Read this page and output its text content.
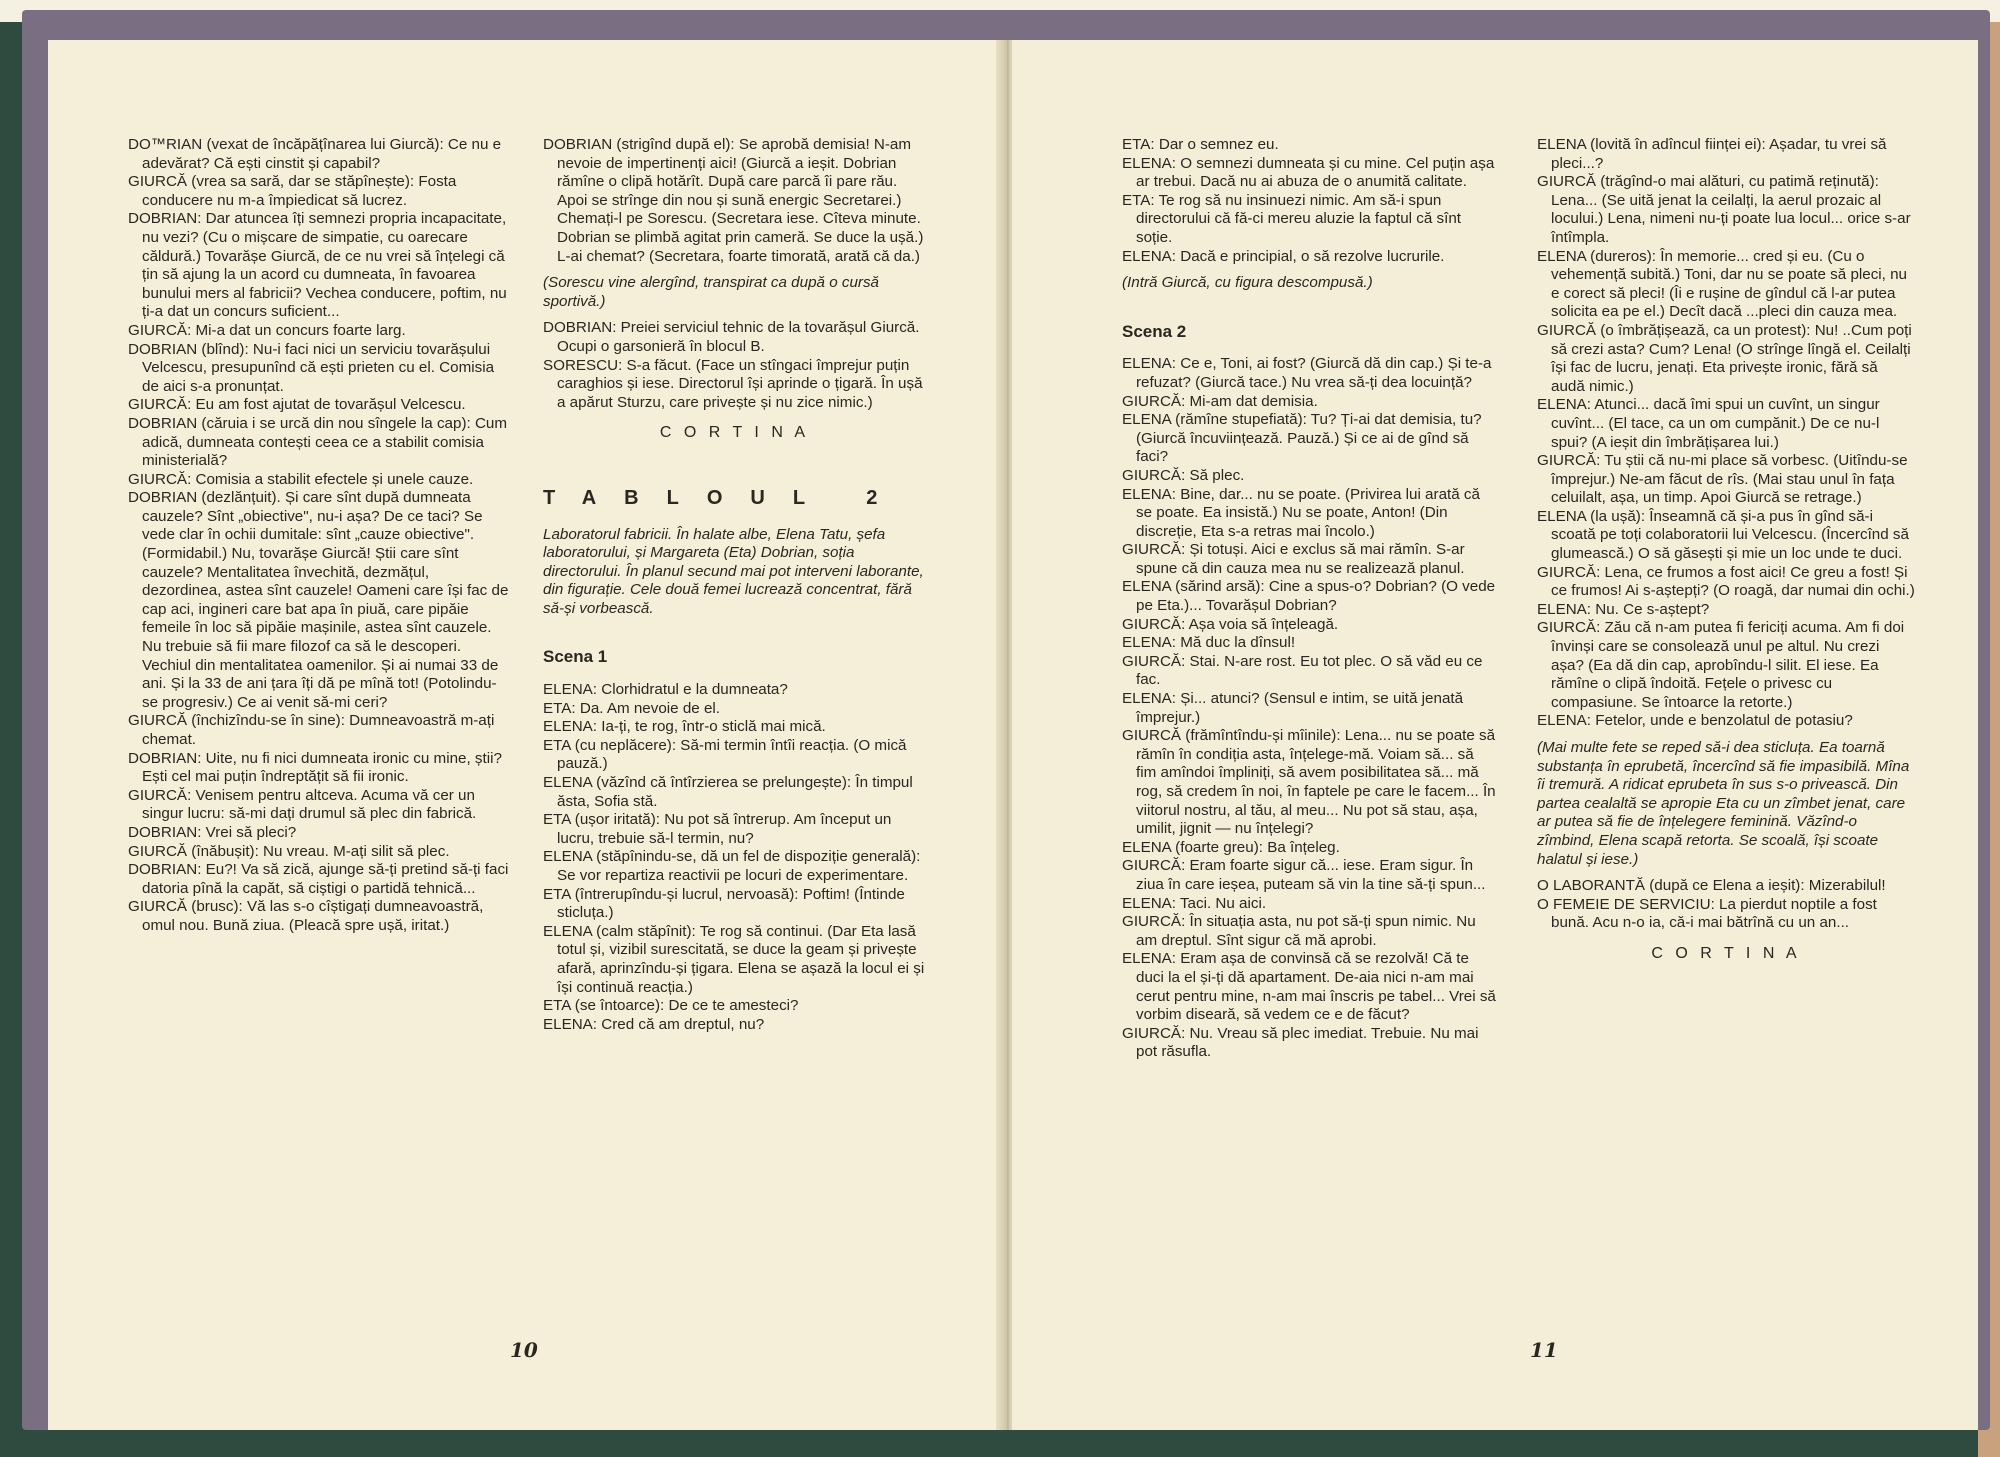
DO™RIAN (vexat de încăpățînarea lui Giurcă): Ce nu e adevărat? Că ești cinstit și capabil?

GIURCĂ (vrea sa sară, dar se stăpînește): Fosta conducere nu m-a împiedicat să lucrez.

DOBRIAN: Dar atuncea îți semnezi propria incapacitate, nu vezi? (Cu o mișcare de simpatie, cu oarecare căldură.) Tovarășe Giurcă, de ce nu vrei să înțelegi că țin să ajung la un acord cu dumneata, în favoarea bunului mers al fabricii? Vechea conducere, poftim, nu ți-a dat un concurs suficient...

GIURCĂ: Mi-a dat un concurs foarte larg.

DOBRIAN (blînd): Nu-i faci nici un serviciu tovarășului Velcescu, presupunînd că ești prieten cu el. Comisia de aici s-a pronunțat.

GIURCĂ: Eu am fost ajutat de tovarășul Velcescu.

DOBRIAN (căruia i se urcă din nou sîngele la cap): Cum adică, dumneata contești ceea ce a stabilit comisia ministerială?

GIURCĂ: Comisia a stabilit efectele și unele cauze.

DOBRIAN (dezlănțuit). Și care sînt după dumneata cauzele? Sînt „obiective", nu-i așa? De ce taci? Se vede clar în ochii dumitale: sînt „cauze obiective". (Formidabil.) Nu, tovarășe Giurcă! Știi care sînt cauzele? Mentalitatea învechită, dezmățul, dezordinea, astea sînt cauzele! Oameni care își fac de cap aci, ingineri care bat apa în piuă, care pipăie femeile în loc să pipăie mașinile, astea sînt cauzele. Nu trebuie să fii mare filozof ca să le descoperi. Vechiul din mentalitatea oamenilor. Și ai numai 33 de ani. Și la 33 de ani țara îți dă pe mînă tot! (Potolindu-se progresiv.) Ce ai venit să-mi ceri?

GIURCĂ (închizîndu-se în sine): Dumneavoastră m-ați chemat.

DOBRIAN: Uite, nu fi nici dumneata ironic cu mine, știi? Ești cel mai puțin îndreptățit să fii ironic.

GIURCĂ: Venisem pentru altceva. Acuma vă cer un singur lucru: să-mi dați drumul să plec din fabrică.

DOBRIAN: Vrei să pleci?

GIURCĂ (înăbușit): Nu vreau. M-ați silit să plec.

DOBRIAN: Eu?! Va să zică, ajunge să-ți pretind să-ți faci datoria pînă la capăt, să ciștigi o partidă tehnică...

GIURCĂ (brusc): Vă las s-o cîștigați dumneavoastră, omul nou. Bună ziua. (Pleacă spre ușă, iritat.)

DOBRIAN (strigînd după el): Se aprobă demisia! N-am nevoie de impertinenți aici! (Giurcă a ieșit. Dobrian rămîne o clipă hotărît. După care parcă îi pare rău. Apoi se strînge din nou și sună energic Secretarei.) Chemați-l pe Sorescu. (Secretara iese. Cîteva minute. Dobrian se plimbă agitat prin cameră. Se duce la ușă.) L-ai chemat? (Secretara, foarte timorată, arată că da.)

(Sorescu vine alergînd, transpirat ca după o cursă sportivă.)

DOBRIAN: Preiei serviciul tehnic de la tovarășul Giurcă. Ocupi o garsonieră în blocul B.

SORESCU: S-a făcut. (Face un stîngaci împrejur puțin caraghios și iese. Directorul își aprinde o țigară. În ușă a apărut Sturzu, care privește și nu zice nimic.)

C O R T I N A
TABLOUL 2

Laboratorul fabricii. În halate albe, Elena Tatu, șefa laboratorului, și Margareta (Eta) Dobrian, soția directorului. În planul secund mai pot interveni laborante, din figurație. Cele două femei lucrează concentrat, fără să-și vorbească.

Scena 1

ELENA: Clorhidratul e la dumneata?

ETA: Da. Am nevoie de el.

ELENA: Ia-ți, te rog, într-o sticlă mai mică.

ETA (cu neplăcere): Să-mi termin întîi reacția. (O mică pauză.)

ELENA (văzînd că întîrzierea se prelungește): În timpul ăsta, Sofia stă.

ETA (ușor iritată): Nu pot să întrerup. Am început un lucru, trebuie să-l termin, nu?

ELENA (stăpînindu-se, dă un fel de dispoziție generală): Se vor repartiza reactivii pe locuri de experimentare.

ETA (întrerupîndu-și lucrul, nervoasă): Poftim! (Întinde sticluța.)

ELENA (calm stăpînit): Te rog să continui. (Dar Eta lasă totul și, vizibil surescitată, se duce la geam și privește afară, aprinzîndu-și țigara. Elena se așază la locul ei și își continuă reacția.)

ETA (se întoarce): De ce te amesteci?

ELENA: Cred că am dreptul, nu?

10

ETA: Dar o semnez eu.

ELENA: O semnezi dumneata și cu mine. Cel puțin așa ar trebui. Dacă nu ai abuza de o anumită calitate.

ETA: Te rog să nu insinuezi nimic. Am să-i spun directorului că fă-ci mereu aluzie la faptul că sînt soție.

ELENA: Dacă e principial, o să rezolve lucrurile.

(Intră Giurcă, cu figura descompusă.)

Scena 2

ELENA: Ce e, Toni, ai fost? (Giurcă dă din cap.) Și te-a refuzat? (Giurcă tace.) Nu vrea să-ți dea locuință?

GIURCĂ: Mi-am dat demisia.

ELENA (rămîne stupefiată): Tu? Ți-ai dat demisia, tu? (Giurcă încuviințează. Pauză.) Și ce ai de gînd să faci?

GIURCĂ: Să plec.

ELENA: Bine, dar... nu se poate. (Privirea lui arată că se poate. Ea insistă.) Nu se poate, Anton! (Din discreție, Eta s-a retras mai încolo.)

GIURCĂ: Și totuși. Aici e exclus să mai rămîn. S-ar spune că din cauza mea nu se realizează planul.

ELENA (sărind arsă): Cine a spus-o? Dobrian? (O vede pe Eta.)... Tovarășul Dobrian?

GIURCĂ: Așa voia să înțeleagă.

ELENA: Mă duc la dînsul!

GIURCĂ: Stai. N-are rost. Eu tot plec. O să văd eu ce fac.

ELENA: Și... atunci? (Sensul e intim, se uită jenată împrejur.)

GIURCĂ (frămîntîndu-și mîinile): Lena... nu se poate să rămîn în condiția asta, înțelege-mă. Voiam să... să fim amîndoi împliniți, să avem posibilitatea să... mă rog, să credem în noi, în faptele pe care le facem... În viitorul nostru, al tău, al meu... Nu pot să stau, așa, umilit, jignit — nu înțelegi?

ELENA (foarte greu): Ba înțeleg.

GIURCĂ: Eram foarte sigur că... iese. Eram sigur. În ziua în care ieșea, puteam să vin la tine să-ți spun...

ELENA: Taci. Nu aici.

GIURCĂ: În situația asta, nu pot să-ți spun nimic. Nu am dreptul. Sînt sigur că mă aprobi.

ELENA: Eram așa de convinsă că se rezolvă! Că te duci la el și-ți dă apartament. De-aia nici n-am mai cerut pentru mine, n-am mai înscris pe tabel... Vrei să vorbim diseară, să vedem ce e de făcut?

GIURCĂ: Nu. Vreau să plec imediat. Trebuie. Nu mai pot răsufla.

ELENA (lovită în adîncul ființei ei): Așadar, tu vrei să pleci...?

GIURCĂ (trăgînd-o mai alături, cu patimă reținută): Lena... (Se uită jenat la ceilalți, la aerul prozaic al locului.) Lena, nimeni nu-ți poate lua locul... orice s-ar întîmpla.

ELENA (dureros): În memorie... cred și eu. (Cu o vehemență subită.) Toni, dar nu se poate să pleci, nu e corect să pleci! (Îi e rușine de gîndul că l-ar putea solicita ea pe el.) Decît dacă ...pleci din cauza mea.

GIURCĂ (o îmbrățișează, ca un protest): Nu! ..Cum poți să crezi asta? Cum? Lena! (O strînge lîngă el. Ceilalți își fac de lucru, jenați. Eta privește ironic, fără să audă nimic.)

ELENA: Atunci... dacă îmi spui un cuvînt, un singur cuvînt... (El tace, ca un om cumpănit.) De ce nu-l spui? (A ieșit din îmbrățișarea lui.)

GIURCĂ: Tu știi că nu-mi place să vorbesc. (Uitîndu-se împrejur.) Ne-am făcut de rîs. (Mai stau unul în fața celuilalt, așa, un timp. Apoi Giurcă se retrage.)

ELENA (la ușă): Înseamnă că și-a pus în gînd să-i scoată pe toți colaboratorii lui Velcescu. (Încercînd să glumească.) O să găsești și mie un loc unde te duci.

GIURCĂ: Lena, ce frumos a fost aici! Ce greu a fost! Și ce frumos! Ai s-aștepți? (O roagă, dar numai din ochi.)

ELENA: Nu. Ce s-aștept?

GIURCĂ: Zău că n-am putea fi fericiți acuma. Am fi doi învinși care se consolează unul pe altul. Nu crezi așa? (Ea dă din cap, aprobîndu-l silit. El iese. Ea rămîne o clipă îndoită. Fețele o privesc cu compasiune. Se întoarce la retorte.)

ELENA: Fetelor, unde e benzolatul de potasiu?

(Mai multe fete se reped să-i dea sticluța. Ea toarnă substanța în eprubetă, încercînd să fie impasibilă. Mîna îi tremură. A ridicat eprubeta în sus s-o privească. Din partea cealaltă se apropie Eta cu un zîmbet jenat, care ar putea să fie de înțelegere feminină. Văzînd-o zîmbind, Elena scapă retorta. Se scoală, își scoate halatul și iese.)

O LABORANTĂ (după ce Elena a ieșit): Mizerabilul!

O FEMEIE DE SERVICIU: La pierdut noptile a fost bună. Acu n-o ia, că-i mai bătrînă cu un an...

C O R T I N A
11
